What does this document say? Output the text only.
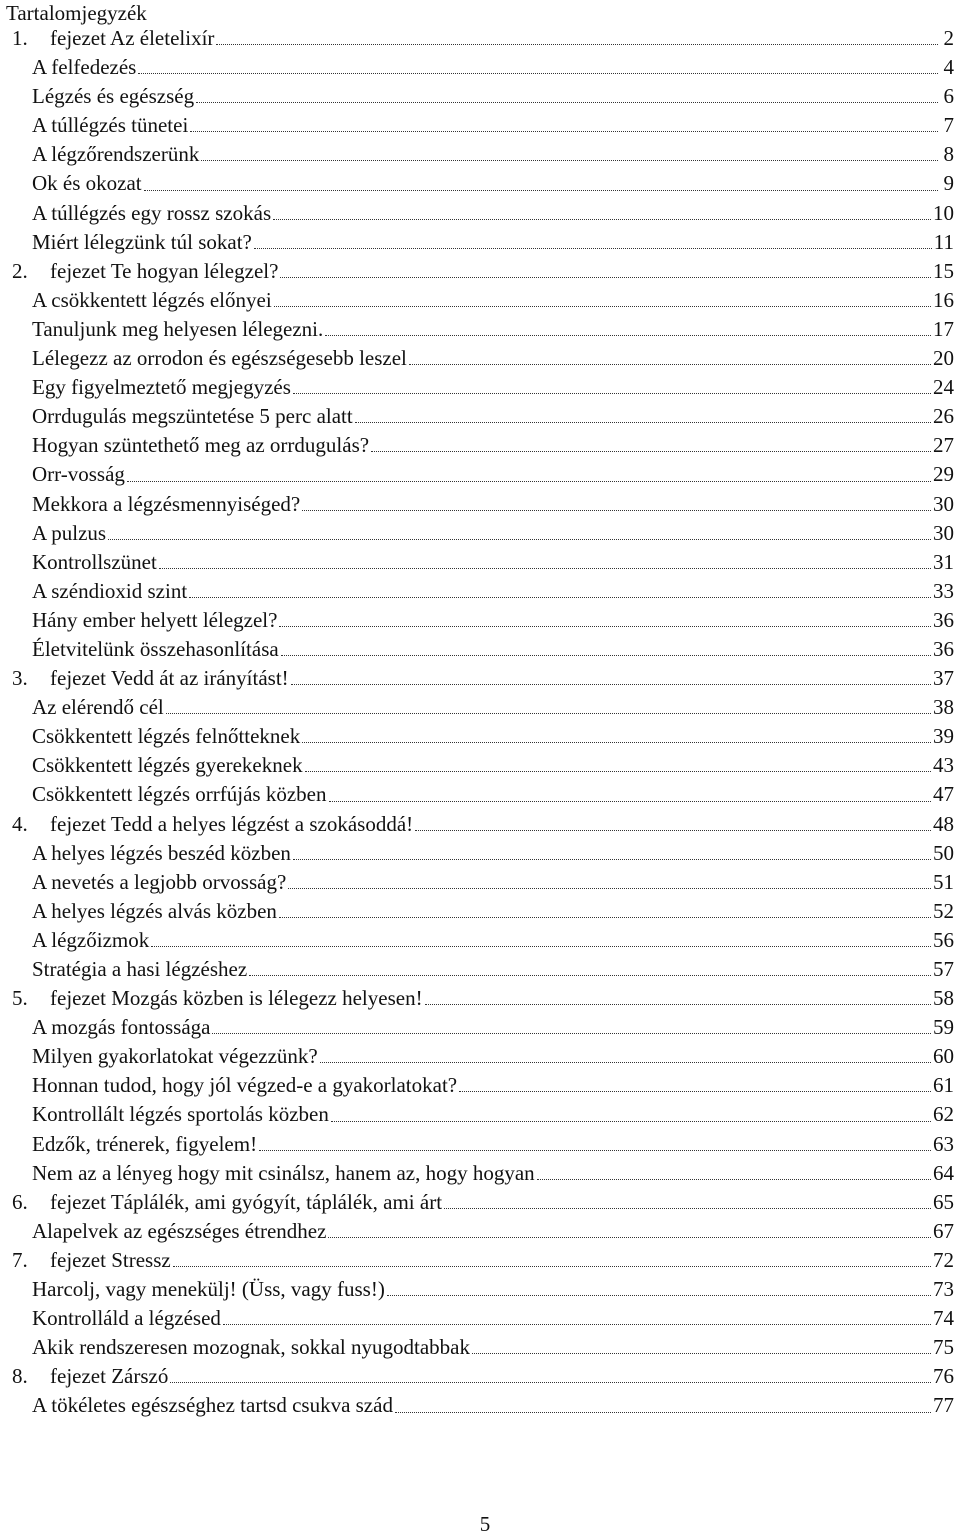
Tartalomjegyzék
1.	fejezet Az életelixír	2
A felfedezés	4
Légzés és egészség	6
A túllégzés tünetei	7
A légzőrendszerünk	8
Ok és okozat	9
A túllégzés egy rossz szokás	10
Miért lélegzünk túl sokat?	11
2.	fejezet Te hogyan lélegzel?	15
A csökkentett légzés előnyei	16
Tanuljunk meg helyesen lélegezni.	17
Lélegezz az orrodon és egészségesebb leszel	20
Egy figyelmeztető megjegyzés	24
Orrdugulás megszüntetése 5 perc alatt	26
Hogyan szüntethető meg az orrdugulás?	27
Orr-vosság	29
Mekkora a légzésmennyiséged?	30
A pulzus	30
Kontrollszünet	31
A széndioxid szint	33
Hány ember helyett lélegzel?	36
Életvitelünk összehasonlítása	36
3.	fejezet Vedd át az irányítást!	37
Az elérendő cél	38
Csökkentett légzés felnőtteknek	39
Csökkentett légzés gyerekeknek	43
Csökkentett légzés orrfújás közben	47
4.	fejezet Tedd a helyes légzést a szokásoddá!	48
A helyes légzés beszéd közben	50
A nevetés a legjobb orvosság?	51
A helyes légzés alvás közben	52
A légzőizmok	56
Stratégia a hasi légzéshez	57
5.	fejezet Mozgás közben is lélegezz helyesen!	58
A mozgás fontossága	59
Milyen gyakorlatokat végezzünk?	60
Honnan tudod, hogy jól végzed-e a gyakorlatokat?	61
Kontrollált légzés sportolás közben	62
Edzők, trénerek, figyelem!	63
Nem az a lényeg hogy mit csinálsz, hanem az, hogy hogyan	64
6.	fejezet Táplálék, ami gyógyít, táplálék, ami árt	65
Alapelvek az egészséges étrendhez	67
7.	fejezet Stressz	72
Harcolj, vagy menekülj! (Üss, vagy fuss!)	73
Kontrolláld a légzésed	74
Akik rendszeresen mozognak, sokkal nyugodtabbak	75
8.	fejezet Zárszó	76
A tökéletes egészséghez tartsd csukva szád	77
5
